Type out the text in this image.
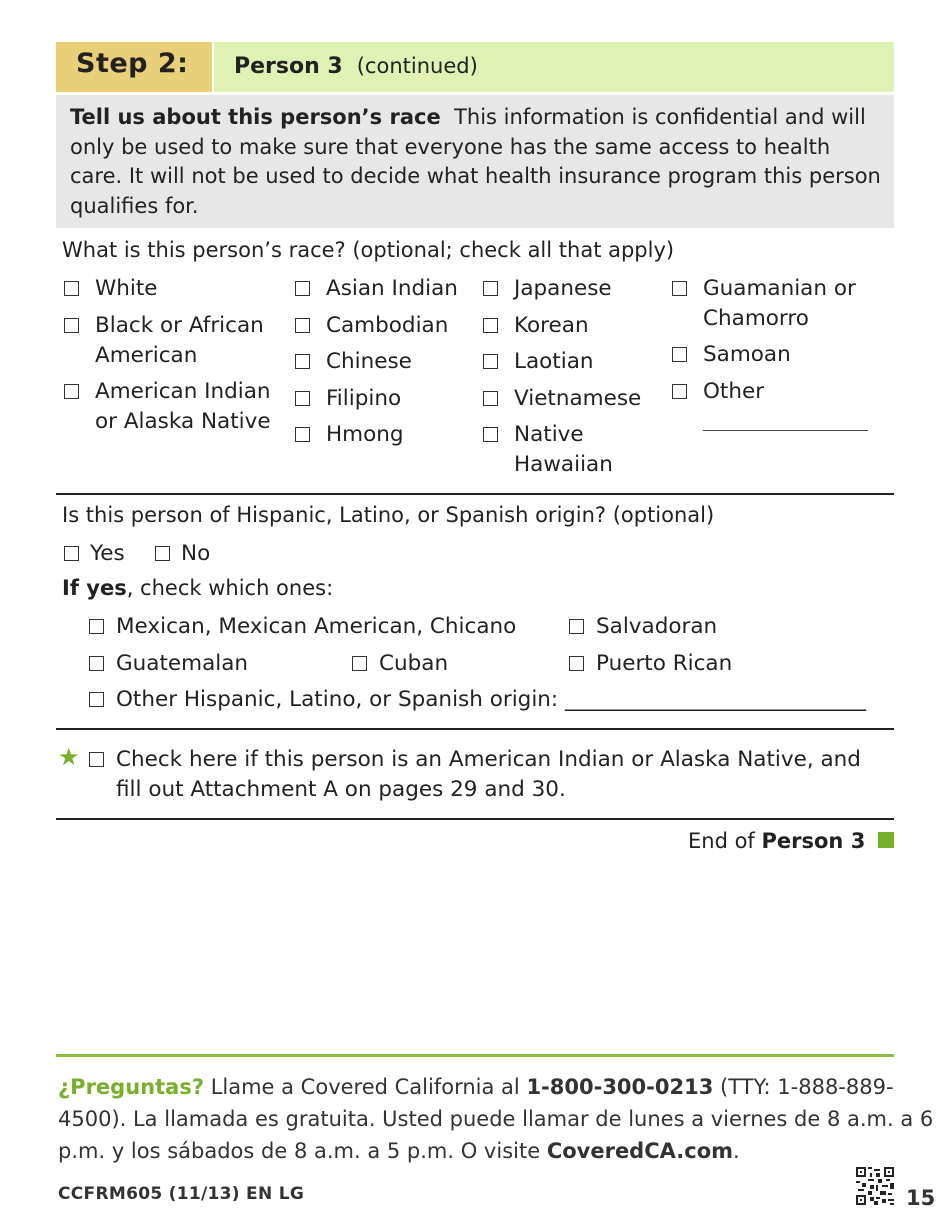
Step 2: Person 3 (continued)
Tell us about this person’s race This information is confidential and will only be used to make sure that everyone has the same access to health care. It will not be used to decide what health insurance program this person qualifies for.
What is this person’s race? (optional; check all that apply)
White
Black or African
American
American Indian
or Alaska Native
Asian Indian
Cambodian
Chinese
Filipino
Hmong
Japanese
Korean
Laotian
Vietnamese
Native
Hawaiian
Guamanian or
Chamorro
Samoan
Other
Is this person of Hispanic, Latino, or Spanish origin? (optional)
Yes	No
If yes, check which ones:
Mexican, Mexican American, Chicano	Salvadoran
Guatemalan	Cuban	Puerto Rican
Other Hispanic, Latino, or Spanish origin: ____________________________
★ Check here if this person is an American Indian or Alaska Native, and
fill out Attachment A on pages 29 and 30.
End of Person 3
¿Preguntas? Llame a Covered California al 1-800-300-0213 (TTY: 1-888-889-4500). La llamada es gratuita. Usted puede llamar de lunes a viernes de 8 a.m. a 6 p.m. y los sábados de 8 a.m. a 5 p.m. O visite CoveredCA.com.
CCFRM605 (11/13) EN LG	15
